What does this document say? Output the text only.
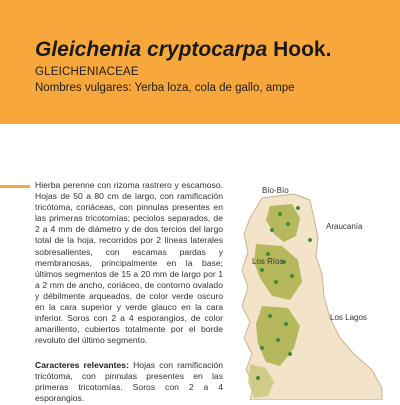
Gleichenia cryptocarpa Hook.
GLEICHENIACEAE
Nombres vulgares: Yerba loza, cola de gallo, ampe

Hierba perenne con rizoma rastrero y escamoso. Hojas de 50 a 80 cm de largo, con ramificación tricótoma, coriáceas, con pinnulas presentes en las primeras tricotomías; peciolos separados, de 2 a 4 mm de diámetro y de dos tercios del largo total de la hoja, recorridos por 2 líneas laterales sobresalientes, con escamas pardas y membranosas, principalmente en la base; últimos segmentos de 15 a 20 mm de largo por 1 a 2 mm de ancho, coriáceo, de contorno ovalado y débilmente arqueados, de color verde oscuro en la cara superior y verde glauco en la cara inferior. Soros con 2 a 4 esporangios, de color amarillento, cubiertos totalmente por el borde revoluto del último segmento.

Caracteres relevantes: Hojas con ramificación tricótoma, con pinnulas presentes en las primeras tricotomías. Soros con 2 a 4 esporangios.

Bío-Bío
Araucanía
Los Ríos
Los Lagos
